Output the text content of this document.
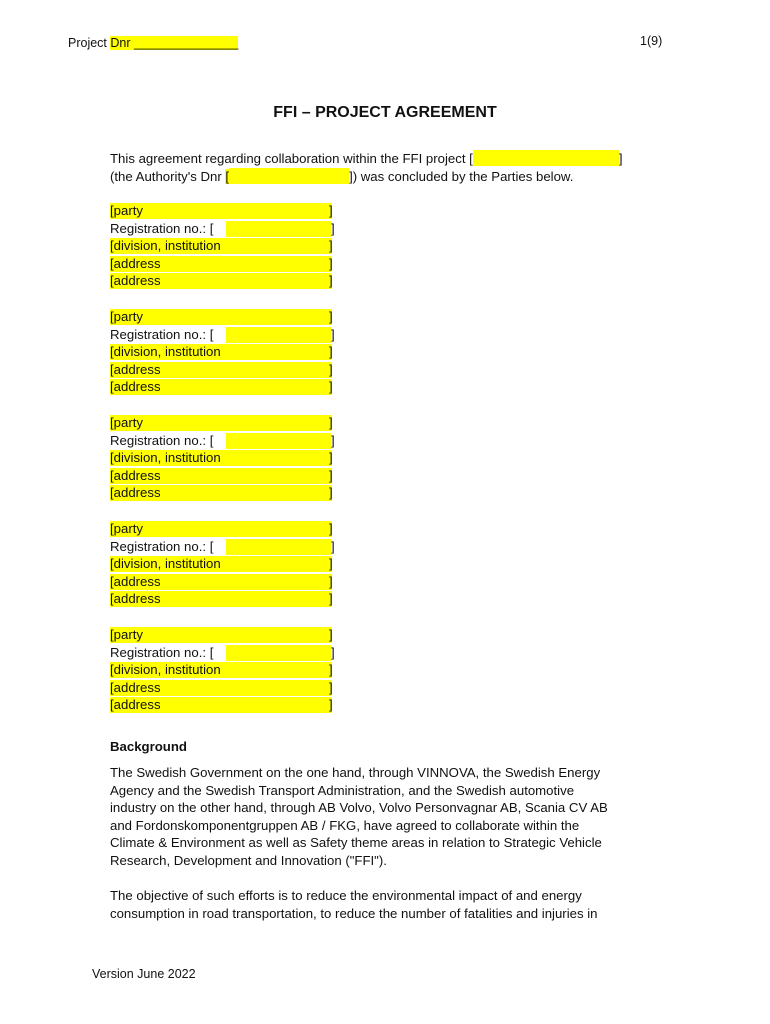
Project Dnr _______________	1(9)
FFI – PROJECT AGREEMENT
This agreement regarding collaboration within the FFI project [	]
(the Authority's Dnr [	]) was concluded by the Parties below.
[party	]
Registration no.: [	]
[division, institution	]
[address	]
[address	]
[party	]
Registration no.: [	]
[division, institution	]
[address	]
[address	]
[party	]
Registration no.: [	]
[division, institution	]
[address	]
[address	]
[party	]
Registration no.: [	]
[division, institution	]
[address	]
[address	]
[party	]
Registration no.: [	]
[division, institution	]
[address	]
[address	]
Background
The Swedish Government on the one hand, through VINNOVA, the Swedish Energy
Agency and the Swedish Transport Administration, and the Swedish automotive
industry on the other hand, through AB Volvo, Volvo Personvagnar AB, Scania CV AB
and Fordonskomponentgruppen AB / FKG, have agreed to collaborate within the
Climate & Environment as well as Safety theme areas in relation to Strategic Vehicle
Research, Development and Innovation ("FFI").
The objective of such efforts is to reduce the environmental impact of and energy
consumption in road transportation, to reduce the number of fatalities and injuries in
Version June 2022
